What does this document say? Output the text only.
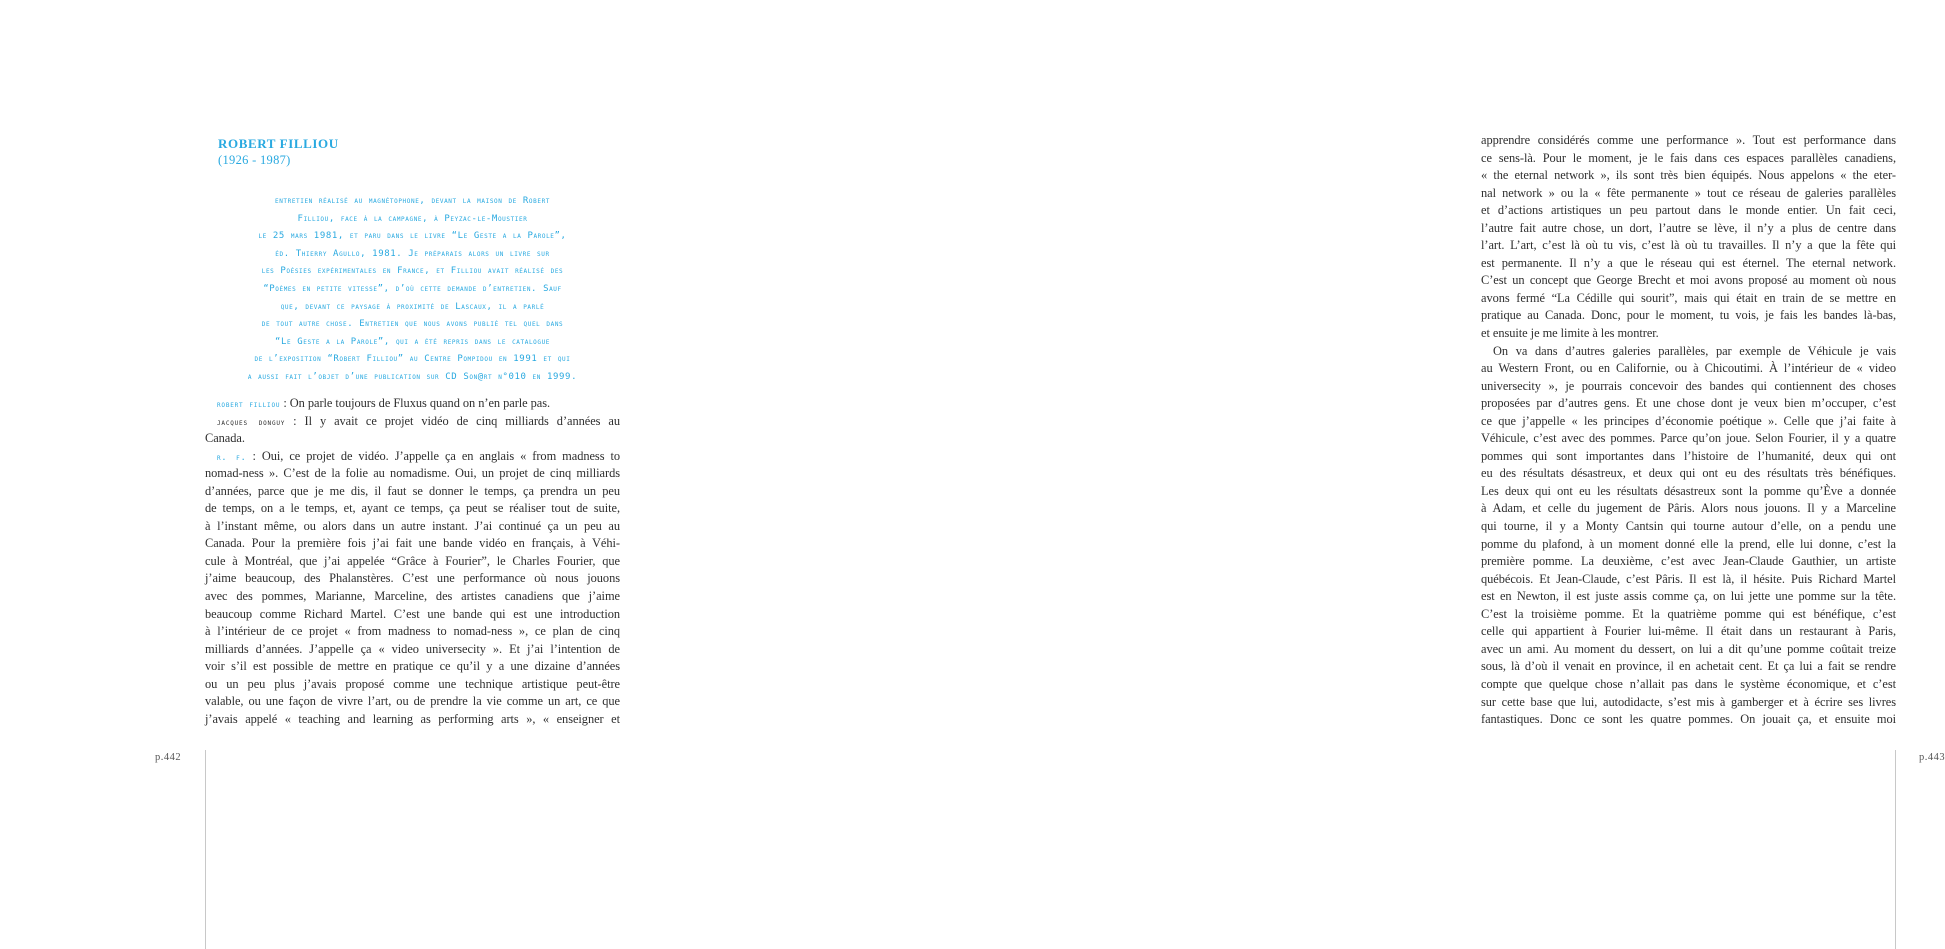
ROBERT FILLIOU
(1926 - 1987)
entretien réalisé au magnétophone, devant la maison de Robert
Filliou, face à la campagne, à Peyzac-le-Moustier
le 25 mars 1981, et paru dans le livre “Le Geste a la Parole”,
éd. Thierry Agullo, 1981. Je préparais alors un livre sur
les Poésies expérimentales en France, et Filliou avait réalisé des
“Poèmes en petite vitesse”, d’où cette demande d’entretien. Sauf
que, devant ce paysage à proximité de Lascaux, il a parlé
de tout autre chose. Entretien que nous avons publié tel quel dans
“Le Geste a la Parole”, qui a été repris dans le catalogue
de l’exposition “Robert Filliou” au Centre Pompidou en 1991 et qui
a aussi fait l’objet d’une publication sur CD Son@rt n°010 en 1999.
robert filliou : On parle toujours de Fluxus quand on n’en parle pas.
jacques donguy : Il y avait ce projet vidéo de cinq milliards d’années au
Canada.
r. f. : Oui, ce projet de vidéo. J’appelle ça en anglais « from madness to
nomad-ness ». C’est de la folie au nomadisme. Oui, un projet de cinq milliards
d’années, parce que je me dis, il faut se donner le temps, ça prendra un peu
de temps, on a le temps, et, ayant ce temps, ça peut se réaliser tout de suite,
à l’instant même, ou alors dans un autre instant. J’ai continué ça un peu au
Canada. Pour la première fois j’ai fait une bande vidéo en français, à Véhi-
cule à Montréal, que j’ai appelée “Grâce à Fourier”, le Charles Fourier, que
j’aime beaucoup, des Phalanstères. C’est une performance où nous jouons
avec des pommes, Marianne, Marceline, des artistes canadiens que j’aime
beaucoup comme Richard Martel. C’est une bande qui est une introduction
à l’intérieur de ce projet « from madness to nomad-ness », ce plan de cinq
milliards d’années. J’appelle ça « video universecity ». Et j’ai l’intention de
voir s’il est possible de mettre en pratique ce qu’il y a une dizaine d’années
ou un peu plus j’avais proposé comme une technique artistique peut-être
valable, ou une façon de vivre l’art, ou de prendre la vie comme un art, ce que
j’avais appelé « teaching and learning as performing arts », « enseigner et
p.442
apprendre considérés comme une performance ». Tout est performance dans
ce sens-là. Pour le moment, je le fais dans ces espaces parallèles canadiens,
« the eternal network », ils sont très bien équipés. Nous appelons « the eter-
nal network » ou la « fête permanente » tout ce réseau de galeries parallèles
et d’actions artistiques un peu partout dans le monde entier. Un fait ceci,
l’autre fait autre chose, un dort, l’autre se lève, il n’y a plus de centre dans
l’art. L’art, c’est là où tu vis, c’est là où tu travailles. Il n’y a que la fête qui
est permanente. Il n’y a que le réseau qui est éternel. The eternal network.
C’est un concept que George Brecht et moi avons proposé au moment où nous
avons fermé “La Cédille qui sourit”, mais qui était en train de se mettre en
pratique au Canada. Donc, pour le moment, tu vois, je fais les bandes là-bas,
et ensuite je me limite à les montrer.
On va dans d’autres galeries parallèles, par exemple de Véhicule je vais
au Western Front, ou en Californie, ou à Chicoutimi. À l’intérieur de « video
universecity », je pourrais concevoir des bandes qui contiennent des choses
proposées par d’autres gens. Et une chose dont je veux bien m’occuper, c’est
ce que j’appelle « les principes d’économie poétique ». Celle que j’ai faite à
Véhicule, c’est avec des pommes. Parce qu’on joue. Selon Fourier, il y a quatre
pommes qui sont importantes dans l’histoire de l’humanité, deux qui ont
eu des résultats désastreux, et deux qui ont eu des résultats très bénéfiques.
Les deux qui ont eu les résultats désastreux sont la pomme qu’Ève a donnée
à Adam, et celle du jugement de Pâris. Alors nous jouons. Il y a Marceline
qui tourne, il y a Monty Cantsin qui tourne autour d’elle, on a pendu une
pomme du plafond, à un moment donné elle la prend, elle lui donne, c’est la
première pomme. La deuxième, c’est avec Jean-Claude Gauthier, un artiste
québécois. Et Jean-Claude, c’est Pâris. Il est là, il hésite. Puis Richard Martel
est en Newton, il est juste assis comme ça, on lui jette une pomme sur la tête.
C’est la troisième pomme. Et la quatrième pomme qui est bénéfique, c’est
celle qui appartient à Fourier lui-même. Il était dans un restaurant à Paris,
avec un ami. Au moment du dessert, on lui a dit qu’une pomme coûtait treize
sous, là d’où il venait en province, il en achetait cent. Et ça lui a fait se rendre
compte que quelque chose n’allait pas dans le système économique, et c’est
sur cette base que lui, autodidacte, s’est mis à gamberger et à écrire ses livres
fantastiques. Donc ce sont les quatre pommes. On jouait ça, et ensuite moi
p.443
